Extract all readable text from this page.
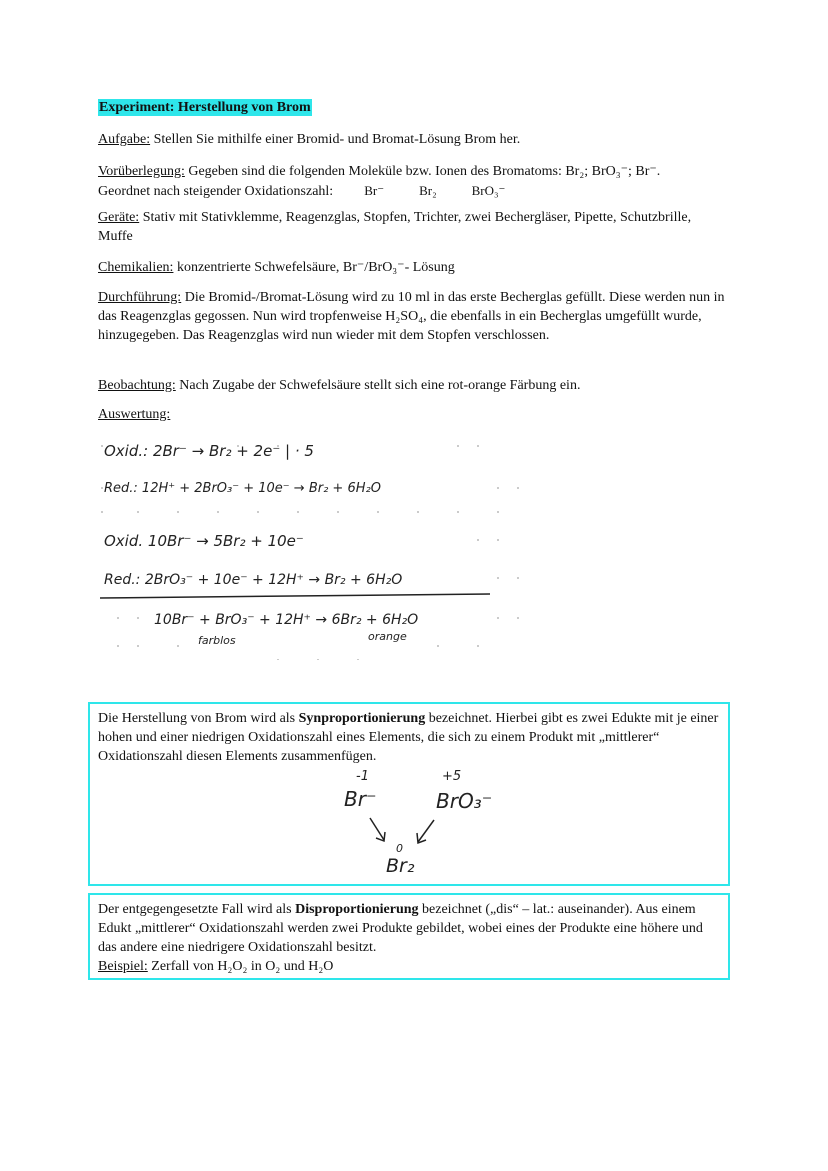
Experiment: Herstellung von Brom
Aufgabe: Stellen Sie mithilfe einer Bromid- und Bromat-Lösung Brom her.
Vorüberlegung: Gegeben sind die folgenden Moleküle bzw. Ionen des Bromatoms: Br₂; BrO₃⁻; Br⁻.
Geordnet nach steigender Oxidationszahl: Br⁻	Br₂	BrO₃⁻
Geräte: Stativ mit Stativklemme, Reagenzglas, Stopfen, Trichter, zwei Bechergläser, Pipette, Schutzbrille, Muffe
Chemikalien: konzentrierte Schwefelsäure, Br⁻/BrO₃⁻- Lösung
Durchführung: Die Bromid-/Bromat-Lösung wird zu 10 ml in das erste Becherglas gefüllt. Diese werden nun in das Reagenzglas gegossen. Nun wird tropfenweise H₂SO₄, die ebenfalls in ein Becherglas umgefüllt wurde, hinzugegeben. Das Reagenzglas wird nun wieder mit dem Stopfen verschlossen.
Beobachtung: Nach Zugabe der Schwefelsäure stellt sich eine rot-orange Färbung ein.
Auswertung:
Oxid.: 2Br⁻ → Br₂ + 2e⁻ | · 5
Red.: 12H⁺ + 2BrO₃⁻ + 10e⁻ → Br₂ + 6H₂O
Oxid. 10Br⁻ → 5Br₂ + 10e⁻
Red.: 2BrO₃⁻ + 10e⁻ + 12H⁺ → Br₂ + 6H₂O
10Br⁻ + BrO₃⁻ + 12H⁺ → 6Br₂ + 6H₂O
farblos	orange
Die Herstellung von Brom wird als Synproportionierung bezeichnet. Hierbei gibt es zwei Edukte mit je einer hohen und einer niedrigen Oxidationszahl eines Elements, die sich zu einem Produkt mit „mittlerer“ Oxidationszahl diesen Elements zusammenfügen.
-1	+5
Br⁻	BrO₃⁻
0
Br₂
Der entgegengesetzte Fall wird als Disproportionierung bezeichnet („dis“ – lat.: auseinander). Aus einem Edukt „mittlerer“ Oxidationszahl werden zwei Produkte gebildet, wobei eines der Produkte eine höhere und das andere eine niedrigere Oxidationszahl besitzt.
Beispiel: Zerfall von H₂O₂ in O₂ und H₂O
